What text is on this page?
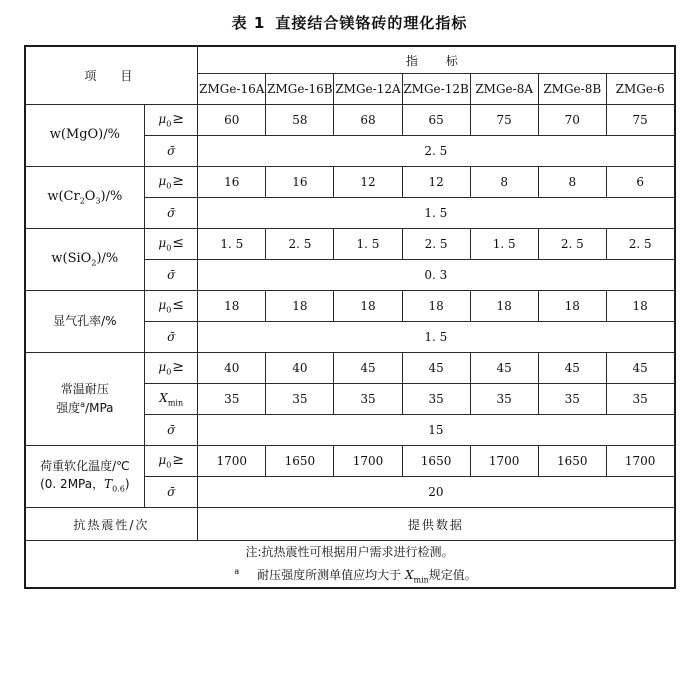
表 1 直接结合镁铬砖的理化指标
项　目		指　标						
		ZMGe-16A	ZMGe-16B	ZMGe-12A	ZMGe-12B	ZMGe-8A	ZMGe-8B	ZMGe-6
w(MgO)/%	$\mu_0\ge$	60	58	68	65	75	70	75
	σ̄	2. 5						
$w(Cr_2O_3)/\%$	$\mu_0\ge$	16	16	12	12	8	8	6
	σ̄	1. 5						
w(SiO$_2$)/%	$\mu_0\le$	1. 5	2. 5	1. 5	2. 5	1. 5	2. 5	2. 5
	σ̄	0. 3						
显气孔率/%	$\mu_0\le$	18	18	18	18	18	18	18
	σ̄	1. 5						

常温耐压
强度$^a$/MPa	$\mu_0\ge$	40	40	45	45	45	45	45
	$X_{min}$	35	35	35	35	35	35	35
	σ̄	15						

荷重软化温度/℃
(0. 2MPa，$T_{0.6}$)	$\mu_0\ge$	1700	1650	1700	1650	1700	1650	1700
	σ̄	20						
抗热震性/次		提供数据						

注:抗热震性可根据用户需求进行检测。
$^a$ 耐压强度所测单值应均大于 $X_{min}$规定值。								
